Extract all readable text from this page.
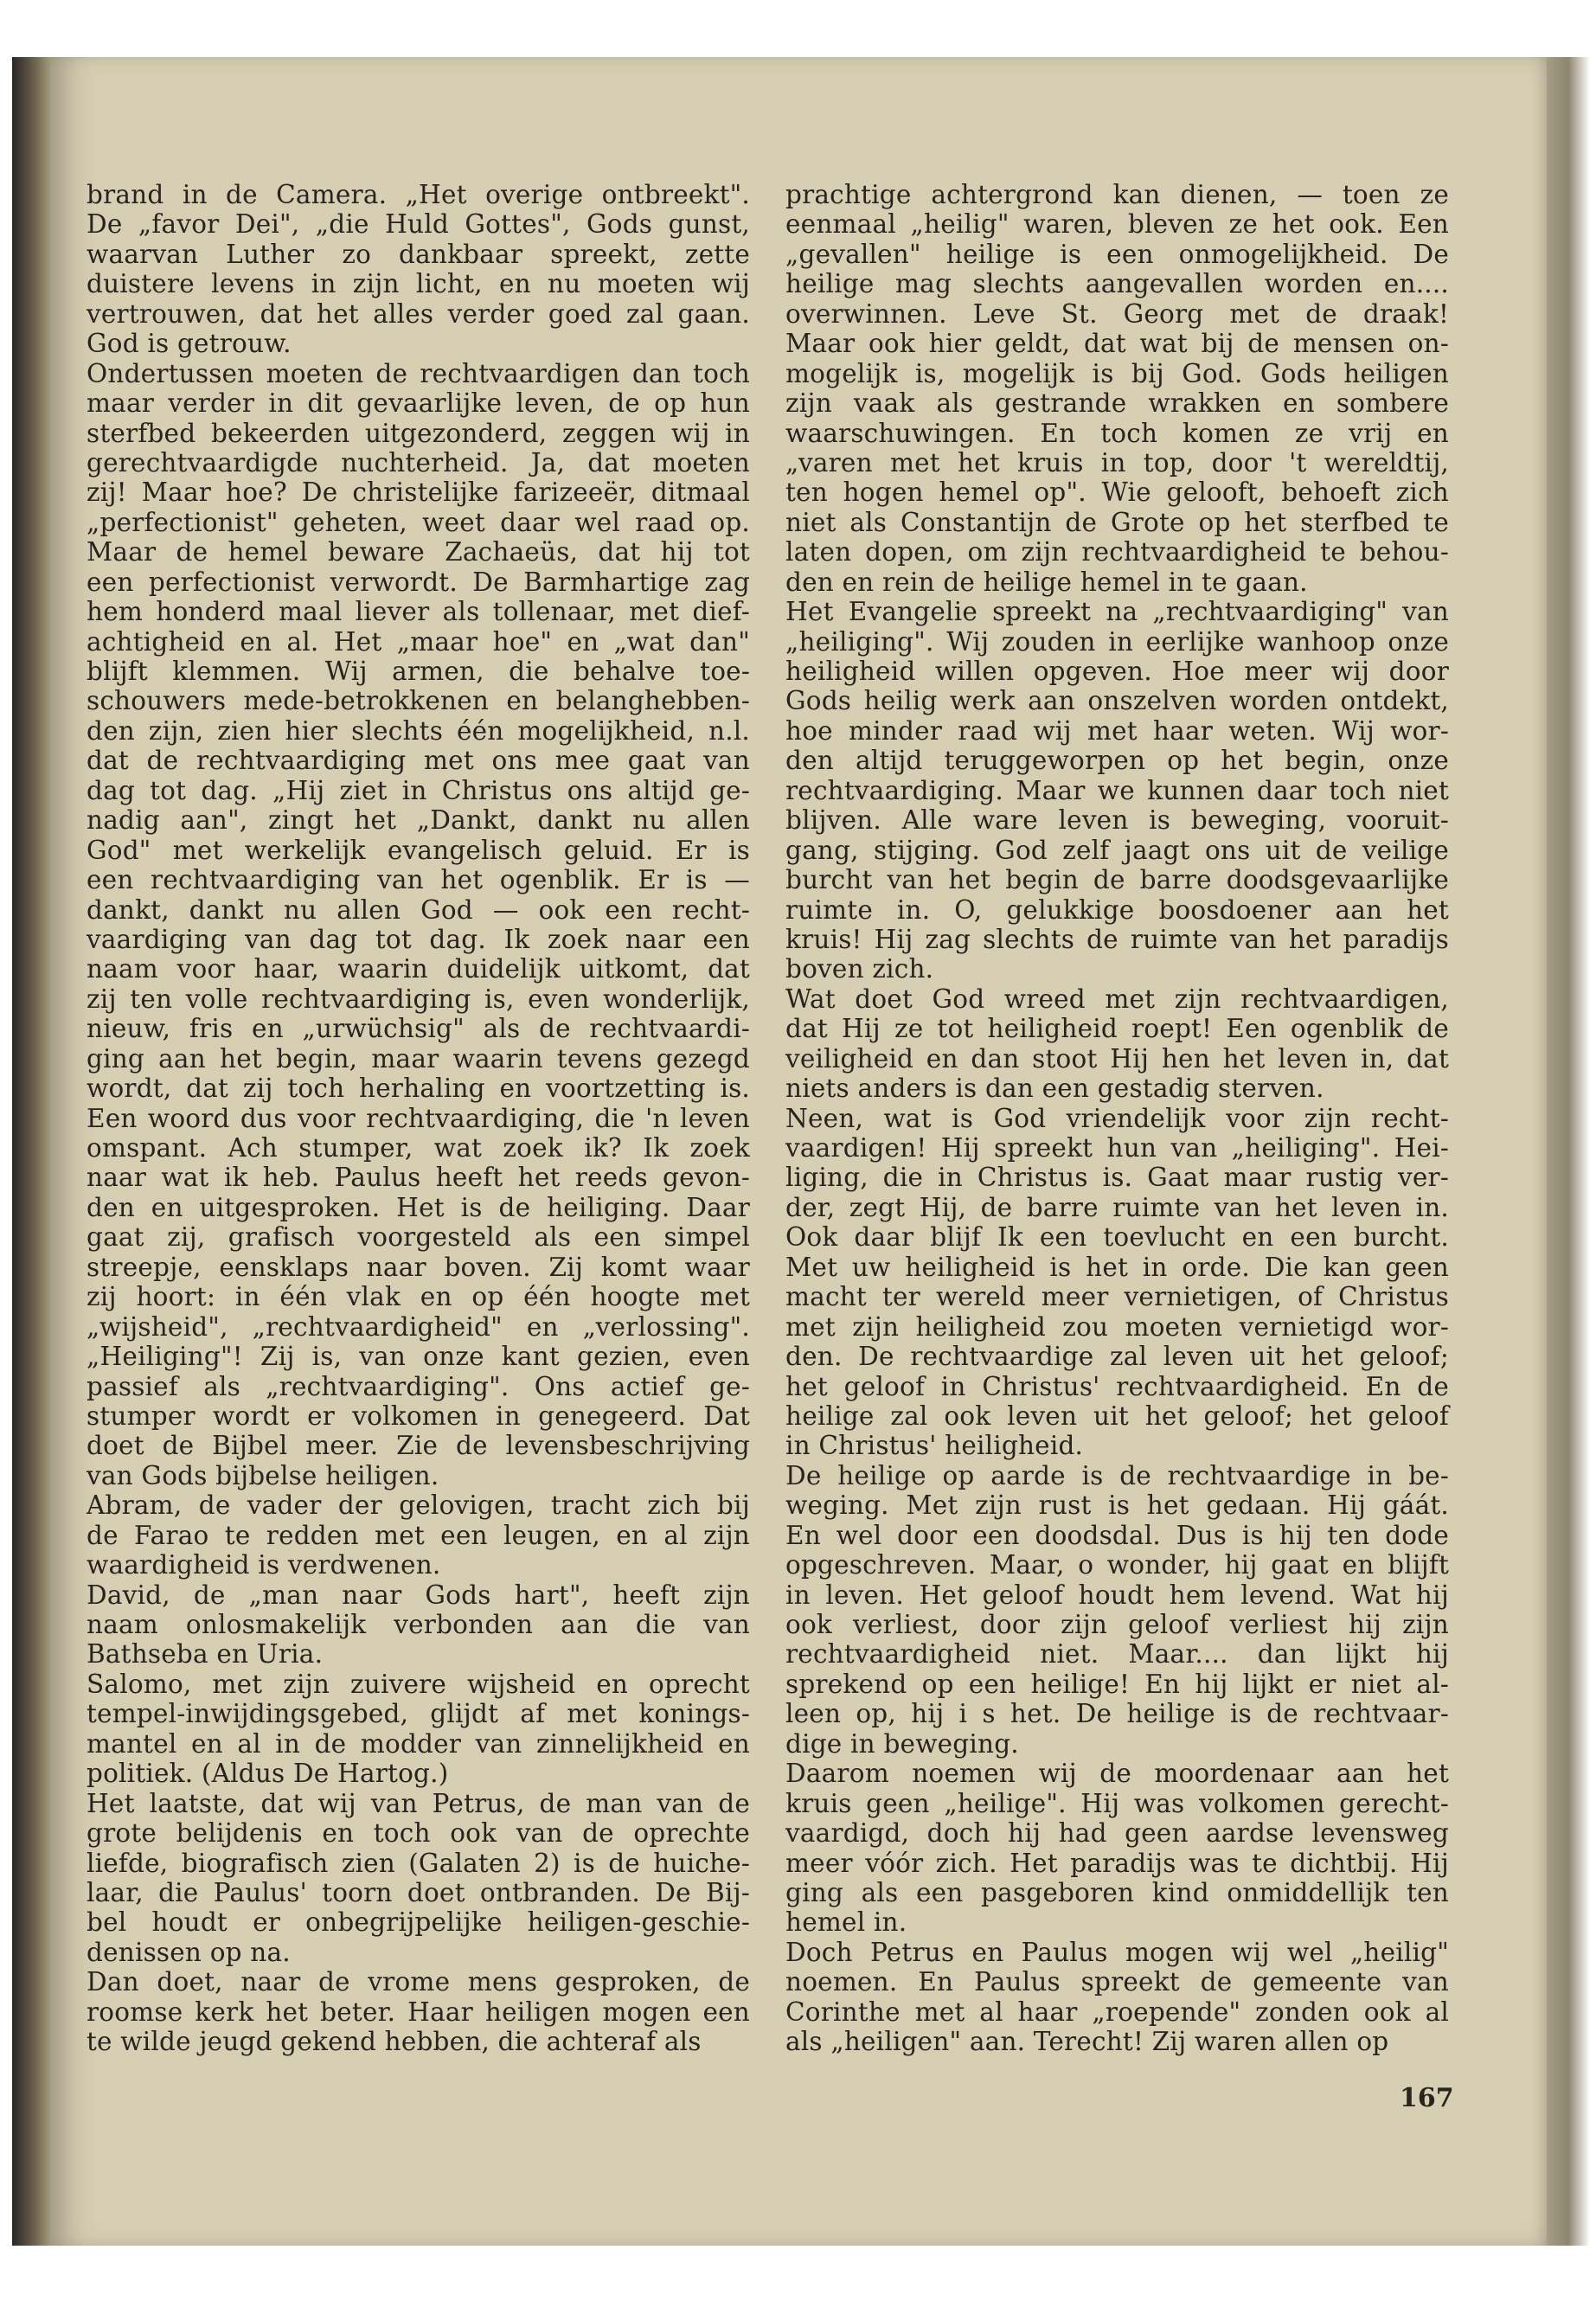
brand in de Camera. „Het overige ontbreekt".
De „favor Dei", „die Huld Gottes", Gods gunst,
waarvan Luther zo dankbaar spreekt, zette
duistere levens in zijn licht, en nu moeten wij
vertrouwen, dat het alles verder goed zal gaan.
God is getrouw.
Ondertussen moeten de rechtvaardigen dan toch
maar verder in dit gevaarlijke leven, de op hun
sterfbed bekeerden uitgezonderd, zeggen wij in
gerechtvaardigde nuchterheid. Ja, dat moeten
zij! Maar hoe? De christelijke farizeeër, ditmaal
„perfectionist" geheten, weet daar wel raad op.
Maar de hemel beware Zachaeüs, dat hij tot
een perfectionist verwordt. De Barmhartige zag
hem honderd maal liever als tollenaar, met dief-
achtigheid en al. Het „maar hoe" en „wat dan"
blijft klemmen. Wij armen, die behalve toe-
schouwers mede-betrokkenen en belanghebben-
den zijn, zien hier slechts één mogelijkheid, n.l.
dat de rechtvaardiging met ons mee gaat van
dag tot dag. „Hij ziet in Christus ons altijd ge-
nadig aan", zingt het „Dankt, dankt nu allen
God" met werkelijk evangelisch geluid. Er is
een rechtvaardiging van het ogenblik. Er is —
dankt, dankt nu allen God — ook een recht-
vaardiging van dag tot dag. Ik zoek naar een
naam voor haar, waarin duidelijk uitkomt, dat
zij ten volle rechtvaardiging is, even wonderlijk,
nieuw, fris en „urwüchsig" als de rechtvaardi-
ging aan het begin, maar waarin tevens gezegd
wordt, dat zij toch herhaling en voortzetting is.
Een woord dus voor rechtvaardiging, die 'n leven
omspant. Ach stumper, wat zoek ik? Ik zoek
naar wat ik heb. Paulus heeft het reeds gevon-
den en uitgesproken. Het is de heiliging. Daar
gaat zij, grafisch voorgesteld als een simpel
streepje, eensklaps naar boven. Zij komt waar
zij hoort: in één vlak en op één hoogte met
„wijsheid", „rechtvaardigheid" en „verlossing".
„Heiliging"! Zij is, van onze kant gezien, even
passief als „rechtvaardiging". Ons actief ge-
stumper wordt er volkomen in genegeerd. Dat
doet de Bijbel meer. Zie de levensbeschrijving
van Gods bijbelse heiligen.
Abram, de vader der gelovigen, tracht zich bij
de Farao te redden met een leugen, en al zijn
waardigheid is verdwenen.
David, de „man naar Gods hart", heeft zijn
naam onlosmakelijk verbonden aan die van
Bathseba en Uria.
Salomo, met zijn zuivere wijsheid en oprecht
tempel-inwijdingsgebed, glijdt af met konings-
mantel en al in de modder van zinnelijkheid en
politiek. (Aldus De Hartog.)
Het laatste, dat wij van Petrus, de man van de
grote belijdenis en toch ook van de oprechte
liefde, biografisch zien (Galaten 2) is de huiche-
laar, die Paulus' toorn doet ontbranden. De Bij-
bel houdt er onbegrijpelijke heiligen-geschie-
denissen op na.
Dan doet, naar de vrome mens gesproken, de
roomse kerk het beter. Haar heiligen mogen een
te wilde jeugd gekend hebben, die achteraf als
prachtige achtergrond kan dienen, — toen ze
eenmaal „heilig" waren, bleven ze het ook. Een
„gevallen" heilige is een onmogelijkheid. De
heilige mag slechts aangevallen worden en....
overwinnen. Leve St. Georg met de draak!
Maar ook hier geldt, dat wat bij de mensen on-
mogelijk is, mogelijk is bij God. Gods heiligen
zijn vaak als gestrande wrakken en sombere
waarschuwingen. En toch komen ze vrij en
„varen met het kruis in top, door 't wereldtij,
ten hogen hemel op". Wie gelooft, behoeft zich
niet als Constantijn de Grote op het sterfbed te
laten dopen, om zijn rechtvaardigheid te behou-
den en rein de heilige hemel in te gaan.
Het Evangelie spreekt na „rechtvaardiging" van
„heiliging". Wij zouden in eerlijke wanhoop onze
heiligheid willen opgeven. Hoe meer wij door
Gods heilig werk aan onszelven worden ontdekt,
hoe minder raad wij met haar weten. Wij wor-
den altijd teruggeworpen op het begin, onze
rechtvaardiging. Maar we kunnen daar toch niet
blijven. Alle ware leven is beweging, vooruit-
gang, stijging. God zelf jaagt ons uit de veilige
burcht van het begin de barre doodsgevaarlijke
ruimte in. O, gelukkige boosdoener aan het
kruis! Hij zag slechts de ruimte van het paradijs
boven zich.
Wat doet God wreed met zijn rechtvaardigen,
dat Hij ze tot heiligheid roept! Een ogenblik de
veiligheid en dan stoot Hij hen het leven in, dat
niets anders is dan een gestadig sterven.
Neen, wat is God vriendelijk voor zijn recht-
vaardigen! Hij spreekt hun van „heiliging". Hei-
liging, die in Christus is. Gaat maar rustig ver-
der, zegt Hij, de barre ruimte van het leven in.
Ook daar blijf Ik een toevlucht en een burcht.
Met uw heiligheid is het in orde. Die kan geen
macht ter wereld meer vernietigen, of Christus
met zijn heiligheid zou moeten vernietigd wor-
den. De rechtvaardige zal leven uit het geloof;
het geloof in Christus' rechtvaardigheid. En de
heilige zal ook leven uit het geloof; het geloof
in Christus' heiligheid.
De heilige op aarde is de rechtvaardige in be-
weging. Met zijn rust is het gedaan. Hij gáát.
En wel door een doodsdal. Dus is hij ten dode
opgeschreven. Maar, o wonder, hij gaat en blijft
in leven. Het geloof houdt hem levend. Wat hij
ook verliest, door zijn geloof verliest hij zijn
rechtvaardigheid niet. Maar.... dan lijkt hij
sprekend op een heilige! En hij lijkt er niet al-
leen op, hij i s het. De heilige is de rechtvaar-
dige in beweging.
Daarom noemen wij de moordenaar aan het
kruis geen „heilige". Hij was volkomen gerecht-
vaardigd, doch hij had geen aardse levensweg
meer vóór zich. Het paradijs was te dichtbij. Hij
ging als een pasgeboren kind onmiddellijk ten
hemel in.
Doch Petrus en Paulus mogen wij wel „heilig"
noemen. En Paulus spreekt de gemeente van
Corinthe met al haar „roepende" zonden ook al
als „heiligen" aan. Terecht! Zij waren allen op
167
